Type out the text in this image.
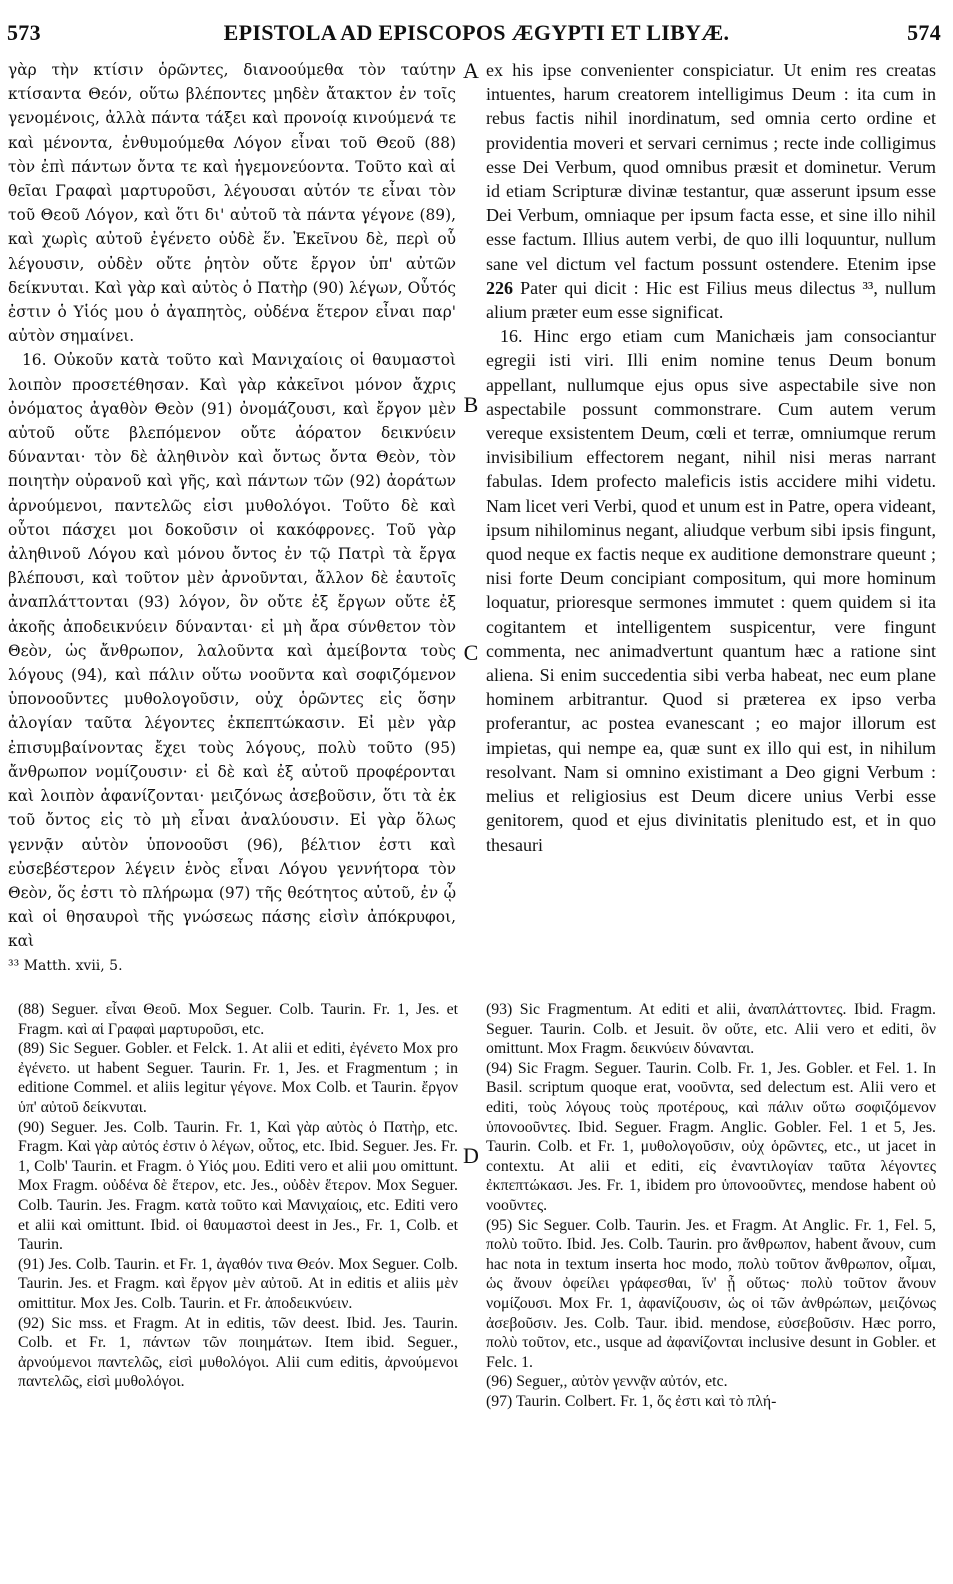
573	EPISTOLA AD EPISCOPOS ÆGYPTI ET LIBYÆ.	574

γὰρ τὴν κτίσιν ὁρῶντες, διανοούμεθα τὸν ταύτην κτίσαντα Θεόν, οὕτω βλέποντες μηδὲν ἄτακτον ἐν τοῖς γενομένοις, ἀλλὰ πάντα τάξει καὶ προνοίᾳ κινούμενά τε καὶ μένοντα, ἐνθυμούμεθα Λόγον εἶναι τοῦ Θεοῦ (88) τὸν ἐπὶ πάντων ὄντα τε καὶ ἡγεμονεύοντα. Τοῦτο καὶ αἱ θεῖαι Γραφαὶ μαρτυροῦσι, λέγουσαι αὐτόν τε εἶναι τὸν τοῦ Θεοῦ Λόγον, καὶ ὅτι δι' αὐτοῦ τὰ πάντα γέγονε (89), καὶ χωρὶς αὐτοῦ ἐγένετο οὐδὲ ἕν. Ἐκεῖνου δὲ, περὶ οὗ λέγουσιν, οὐδὲν οὔτε ῥητὸν οὔτε ἔργον ὑπ' αὐτῶν δείκνυται. Καὶ γὰρ καὶ αὐτὸς ὁ Πατὴρ (90) λέγων, Οὗτός ἐστιν ὁ Υἱός μου ὁ ἀγαπητὸς, οὐδένα ἕτερον εἶναι παρ' αὐτὸν σημαίνει.

16. Οὐκοῦν κατὰ τοῦτο καὶ Μανιχαίοις οἱ θαυμαστοὶ λοιπὸν προσετέθησαν. Καὶ γὰρ κἀκεῖνοι μόνον ἄχρις ὀνόματος ἀγαθὸν Θεὸν (91) ὀνομάζουσι, καὶ ἔργον μὲν αὐτοῦ οὔτε βλεπόμενον οὔτε ἀόρατον δεικνύειν δύνανται· τὸν δὲ ἀληθινὸν καὶ ὄντως ὄντα Θεὸν, τὸν ποιητὴν οὐρανοῦ καὶ γῆς, καὶ πάντων τῶν (92) ἀοράτων ἀρνούμενοι, παντελῶς εἰσι μυθολόγοι. Τοῦτο δὲ καὶ οὗτοι πάσχει μοι δοκοῦσιν οἱ κακόφρονες. Τοῦ γὰρ ἀληθινοῦ Λόγου καὶ μόνου ὄντος ἐν τῷ Πατρὶ τὰ ἔργα βλέπουσι, καὶ τοῦτον μὲν ἀρνοῦνται, ἄλλον δὲ ἑαυτοῖς ἀναπλάττονται (93) λόγον, ὃν οὔτε ἐξ ἔργων οὔτε ἐξ ἀκοῆς ἀποδεικνύειν δύνανται· εἰ μὴ ἄρα σύνθετον τὸν Θεὸν, ὡς ἄνθρωπον, λαλοῦντα καὶ ἀμείβοντα τοὺς λόγους (94), καὶ πάλιν οὕτω νοοῦντα καὶ σοφιζόμενον ὑπονοοῦντες μυθολογοῦσιν, οὐχ ὁρῶντες εἰς ὅσην ἀλογίαν ταῦτα λέγοντες ἐκπεπτώκασιν. Εἰ μὲν γὰρ ἐπισυμβαίνοντας ἔχει τοὺς λόγους, πολὺ τοῦτο (95) ἄνθρωπον νομίζουσιν· εἰ δὲ καὶ ἐξ αὐτοῦ προφέρονται καὶ λοιπὸν ἀφανίζονται· μειζόνως ἀσεβοῦσιν, ὅτι τὰ ἐκ τοῦ ὄντος εἰς τὸ μὴ εἶναι ἀναλύουσιν. Εἰ γὰρ ὅλως γεννᾷν αὐτὸν ὑπονοοῦσι (96), βέλτιον ἐστι καὶ εὐσεβέστερον λέγειν ἑνὸς εἶναι Λόγου γεννήτορα τὸν Θεὸν, ὅς ἐστι τὸ πλήρωμα (97) τῆς θεότητος αὐτοῦ, ἐν ᾧ καὶ οἱ θησαυροὶ τῆς γνώσεως πάσης εἰσὶν ἀπόκρυφοι, καὶ

³³ Matth. xvii, 5.

A
B
C
D

ex his ipse convenienter conspiciatur. Ut enim res creatas intuentes, harum creatorem intelligimus Deum : ita cum in rebus factis nihil inordinatum, sed omnia certo ordine et providentia moveri et servari cernimus ; recte inde colligimus esse Dei Verbum, quod omnibus præsit et dominetur. Verum id etiam Scripturæ divinæ testantur, quæ asserunt ipsum esse Dei Verbum, omniaque per ipsum facta esse, et sine illo nihil esse factum. Illius autem verbi, de quo illi loquuntur, nullum sane vel dictum vel factum possunt ostendere. Etenim ipse 226 Pater qui dicit : Hic est Filius meus dilectus ³³, nullum alium præter eum esse significat.

16. Hinc ergo etiam cum Manichæis jam consociantur egregii isti viri. Illi enim nomine tenus Deum bonum appellant, nullumque ejus opus sive aspectabile sive non aspectabile possunt commonstrare. Cum autem verum vereque exsistentem Deum, cœli et terræ, omniumque rerum invisibilium effectorem negant, nihil nisi meras narrant fabulas. Idem profecto maleficis istis accidere mihi videtu. Nam licet veri Verbi, quod et unum est in Patre, opera videant, ipsum nihilominus negant, aliudque verbum sibi ipsis fingunt, quod neque ex factis neque ex auditione demonstrare queunt ; nisi forte Deum concipiant compositum, qui more hominum loquatur, prioresque sermones immutet : quem quidem si ita cogitantem et intelligentem suspicentur, vere fingunt commenta, nec animadvertunt quantum hæc a ratione sint aliena. Si enim succedentia sibi verba habeat, nec eum plane hominem arbitrantur. Quod si præterea ex ipso verba proferantur, ac postea evanescant ; eo major illorum est impietas, qui nempe ea, quæ sunt ex illo qui est, in nihilum resolvant. Nam si omnino existimant a Deo gigni Verbum : melius et religiosius est Deum dicere unius Verbi esse genitorem, quod et ejus divinitatis plenitudo est, et in quo thesauri

(88) Seguer. εἶναι Θεοῦ. Mox Seguer. Colb. Taurin. Fr. 1, Jes. et Fragm. καὶ αἱ Γραφαὶ μαρτυροῦσι, etc.

(89) Sic Seguer. Gobler. et Felck. 1. At alii et editi, ἐγένετο Mox pro ἐγένετο. ut habent Seguer. Taurin. Fr. 1, Jes. et Fragmentum ; in editione Commel. et aliis legitur γέγονε. Mox Colb. et Taurin. ἔργον ὑπ' αὐτοῦ δείκνυται.

(90) Seguer. Jes. Colb. Taurin. Fr. 1, Καὶ γὰρ αὐτὸς ὁ Πατὴρ, etc. Fragm. Καὶ γὰρ αὐτός ἐστιν ὁ λέγων, οὗτος, etc. Ibid. Seguer. Jes. Fr. 1, Colb' Taurin. et Fragm. ὁ Υἱός μου. Editi vero et alii μου omittunt. Mox Fragm. οὐδένα δὲ ἕτερον, etc. Jes., οὐδὲν ἕτερον. Mox Seguer. Colb. Taurin. Jes. Fragm. κατὰ τοῦτο καὶ Μανιχαίοις, etc. Editi vero et alii καὶ omittunt. Ibid. οἱ θαυμαστοὶ deest in Jes., Fr. 1, Colb. et Taurin.

(91) Jes. Colb. Taurin. et Fr. 1, ἀγαθόν τινα Θεόν. Mox Seguer. Colb. Taurin. Jes. et Fragm. καὶ ἔργον μὲν αὐτοῦ. At in editis et aliis μὲν omittitur. Mox Jes. Colb. Taurin. et Fr. ἀποδεικνύειν.

(92) Sic mss. et Fragm. At in editis, τῶν deest. Ibid. Jes. Taurin. Colb. et Fr. 1, πάντων τῶν ποιημάτων. Item ibid. Seguer., ἀρνούμενοι παντελῶς, εἰσὶ μυθολόγοι. Alii cum editis, ἀρνούμενοι παντελῶς, εἰσὶ μυθολόγοι.

(93) Sic Fragmentum. At editi et alii, ἀναπλάττοντες. Ibid. Fragm. Seguer. Taurin. Colb. et Jesuit. ὃν οὔτε, etc. Alii vero et editi, ὃν omittunt. Mox Fragm. δεικνύειν δύνανται.

(94) Sic Fragm. Seguer. Taurin. Colb. Fr. 1, Jes. Gobler. et Fel. 1. In Basil. scriptum quoque erat, νοοῦντα, sed delectum est. Alii vero et editi, τοὺς λόγους τοὺς προτέρους, καὶ πάλιν οὕτω σοφιζόμενον ὑπονοοῦντες. Ibid. Seguer. Fragm. Anglic. Gobler. Fel. 1 et 5, Jes. Taurin. Colb. et Fr. 1, μυθολογοῦσιν, οὐχ ὁρῶντες, etc., ut jacet in contextu. At alii et editi, εἰς ἐναντιλογίαν ταῦτα λέγοντες ἐκπεπτώκασι. Jes. Fr. 1, ibidem pro ὑπονοοῦντες, mendose habent οὐ νοοῦντες.

(95) Sic Seguer. Colb. Taurin. Jes. et Fragm. At Anglic. Fr. 1, Fel. 5, πολὺ τοῦτο. Ibid. Jes. Colb. Taurin. pro ἄνθρωπον, habent ἄνουν, cum hac nota in textum inserta hoc modo, πολὺ τοῦτον ἄνθρωπον, οἶμαι, ὡς ἄνουν ὀφείλει γράφεσθαι, ἵν' ᾖ οὕτως· πολὺ τοῦτον ἄνουν νομίζουσι. Mox Fr. 1, ἀφανίζουσιν, ὡς οἱ τῶν ἀνθρώπων, μειζόνως ἀσεβοῦσιν. Jes. Colb. Taur. ibid. mendose, εὐσεβοῦσιν. Hæc porro, πολὺ τοῦτον, etc., usque ad ἀφανίζονται inclusive desunt in Gobler. et Felc. 1.

(96) Seguer,, αὐτὸν γεννᾷν αὐτόν, etc.

(97) Taurin. Colbert. Fr. 1, ὅς ἐστι καὶ τὸ πλή-
